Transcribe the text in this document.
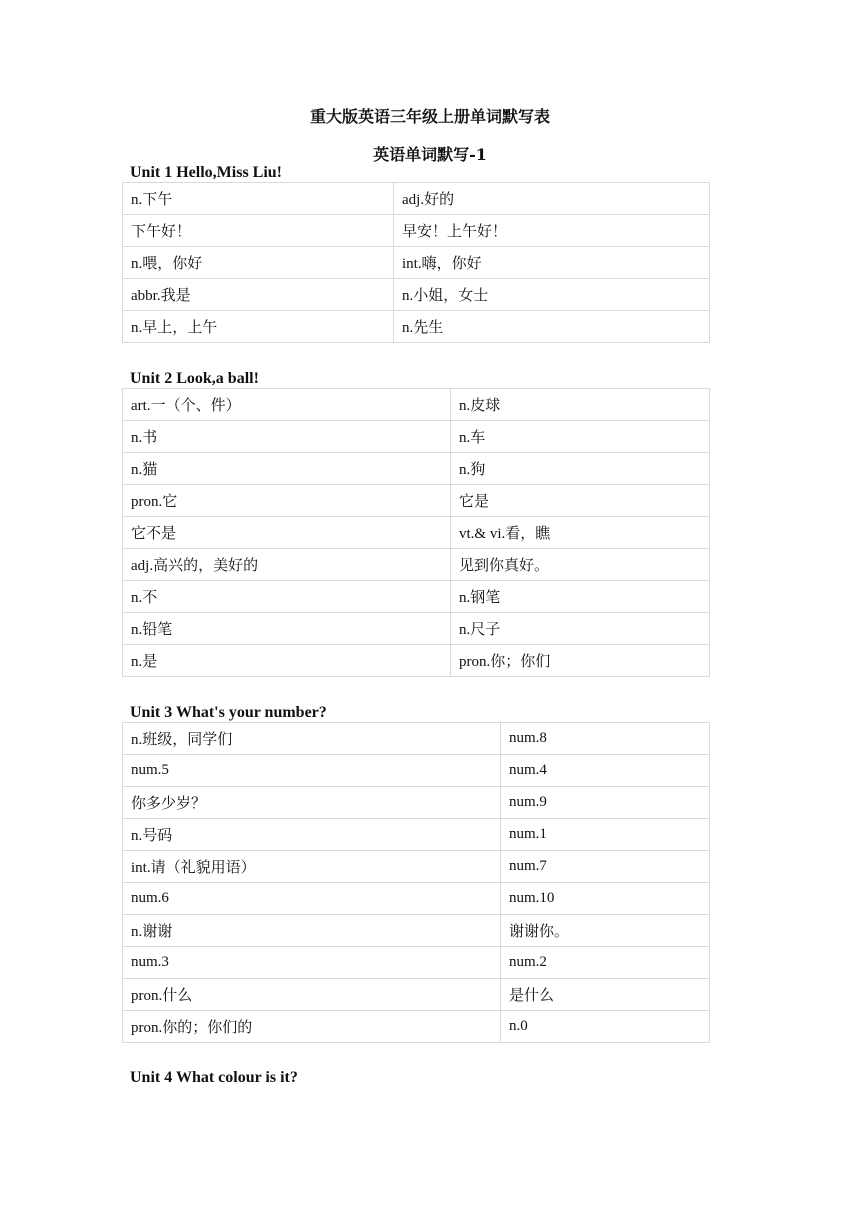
重大版英语三年级上册单词默写表
英语单词默写-1
Unit 1 Hello,Miss Liu!
n.下午	adj.好的
下午好！	早安！上午好！
n.喂，你好	int.嗨，你好
abbr.我是	n.小姐，女士
n.早上，上午	n.先生
Unit 2 Look,a ball!
art.一（个、件）	n.皮球
n.书	n.车
n.猫	n.狗
pron.它	它是
它不是	vt.& vi.看，瞧
adj.高兴的，美好的	见到你真好。
n.不	n.钢笔
n.铅笔	n.尺子
n.是	pron.你；你们
Unit 3 What's your number?
n.班级，同学们	num.8
num.5	num.4
你多少岁？	num.9
n.号码	num.1
int.请（礼貌用语）	num.7
num.6	num.10
n.谢谢	谢谢你。
num.3	num.2
pron.什么	是什么
pron.你的；你们的	n.0
Unit 4 What colour is it?
